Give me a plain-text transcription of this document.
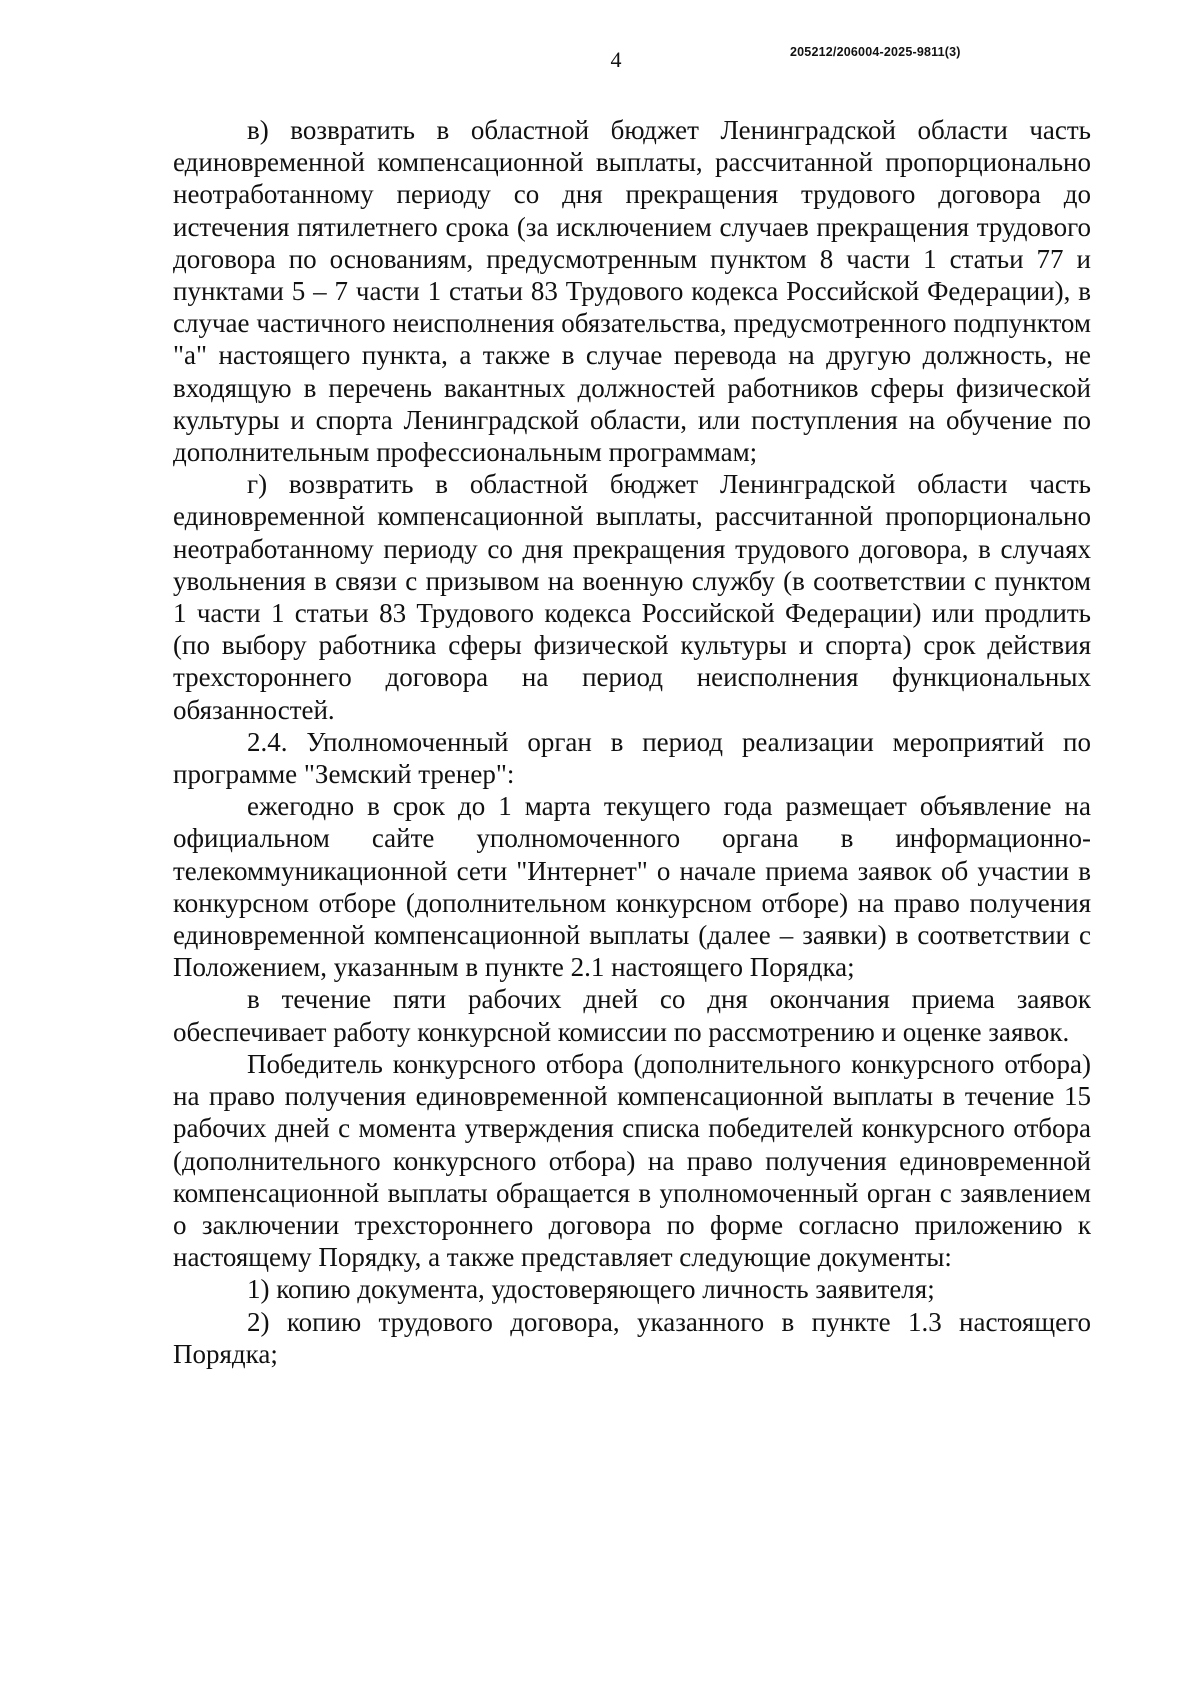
4	205212/206004-2025-9811(3)

в) возвратить в областной бюджет Ленинградской области часть единовременной компенсационной выплаты, рассчитанной пропорционально неотработанному периоду со дня прекращения трудового договора до истечения пятилетнего срока (за исключением случаев прекращения трудового договора по основаниям, предусмотренным пунктом 8 части 1 статьи 77 и пунктами 5 – 7 части 1 статьи 83 Трудового кодекса Российской Федерации), в случае частичного неисполнения обязательства, предусмотренного подпунктом "а" настоящего пункта, а также в случае перевода на другую должность, не входящую в перечень вакантных должностей работников сферы физической культуры и спорта Ленинградской области, или поступления на обучение по дополнительным профессиональным программам;

г) возвратить в областной бюджет Ленинградской области часть единовременной компенсационной выплаты, рассчитанной пропорционально неотработанному периоду со дня прекращения трудового договора, в случаях увольнения в связи с призывом на военную службу (в соответствии с пунктом 1 части 1 статьи 83 Трудового кодекса Российской Федерации) или продлить (по выбору работника сферы физической культуры и спорта) срок действия трехстороннего договора на период неисполнения функциональных обязанностей.

2.4. Уполномоченный орган в период реализации мероприятий по программе "Земский тренер":

ежегодно в срок до 1 марта текущего года размещает объявление на официальном сайте уполномоченного органа в информационно-телекоммуникационной сети "Интернет" о начале приема заявок об участии в конкурсном отборе (дополнительном конкурсном отборе) на право получения единовременной компенсационной выплаты (далее – заявки) в соответствии с Положением, указанным в пункте 2.1 настоящего Порядка;

в течение пяти рабочих дней со дня окончания приема заявок обеспечивает работу конкурсной комиссии по рассмотрению и оценке заявок.

Победитель конкурсного отбора (дополнительного конкурсного отбора) на право получения единовременной компенсационной выплаты в течение 15 рабочих дней с момента утверждения списка победителей конкурсного отбора (дополнительного конкурсного отбора) на право получения единовременной компенсационной выплаты обращается в уполномоченный орган с заявлением о заключении трехстороннего договора по форме согласно приложению к настоящему Порядку, а также представляет следующие документы:

1) копию документа, удостоверяющего личность заявителя;

2) копию трудового договора, указанного в пункте 1.3 настоящего Порядка;
